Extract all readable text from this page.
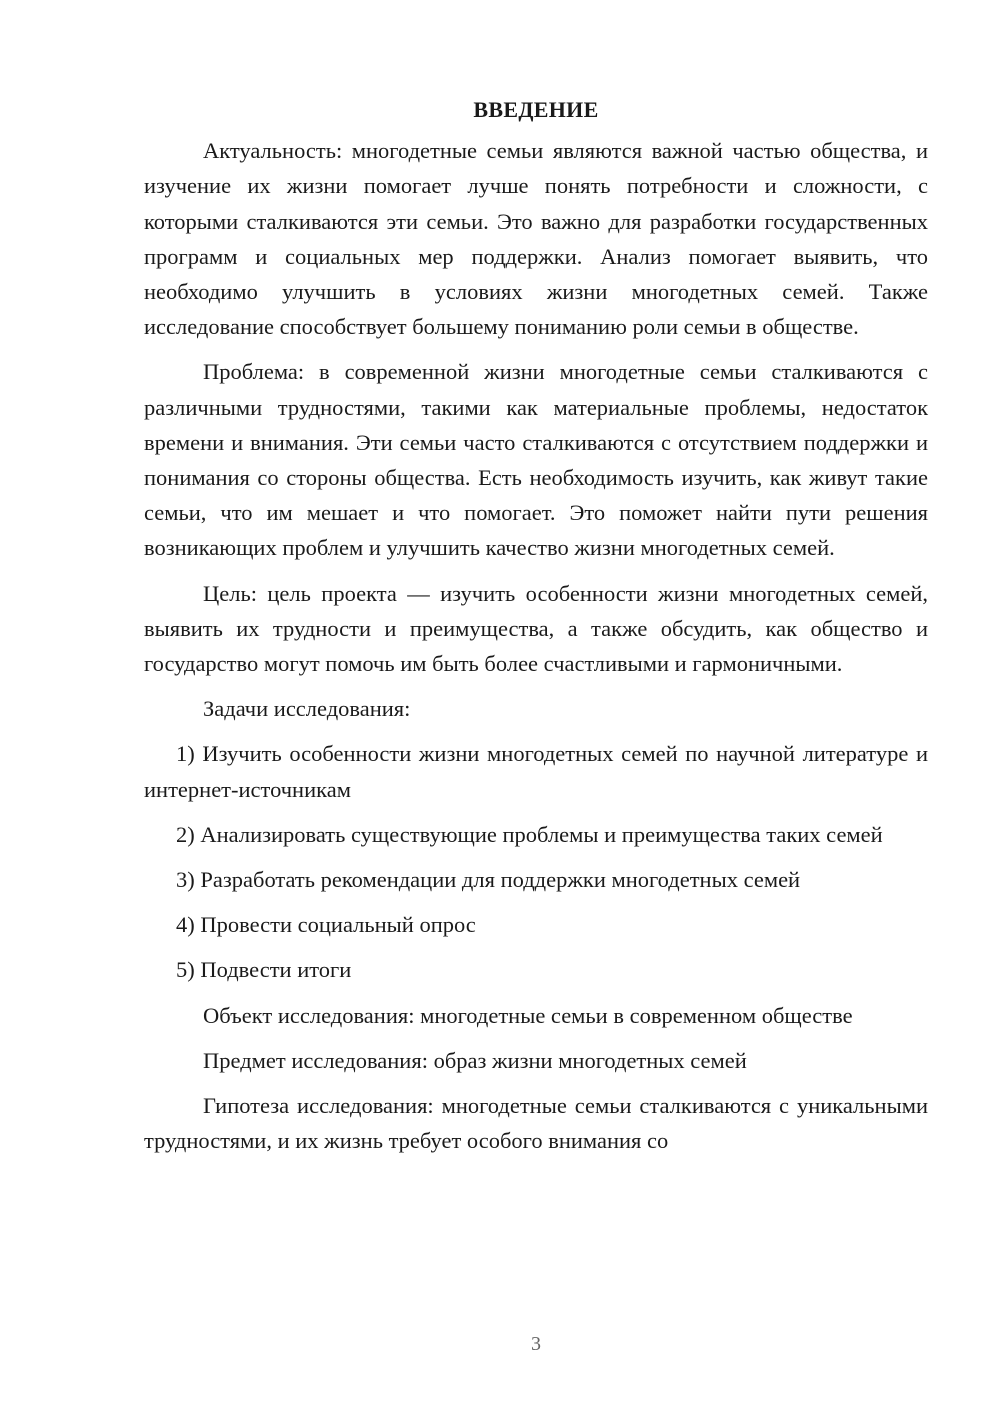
ВВЕДЕНИЕ

Актуальность: многодетные семьи являются важной частью общества, и изучение их жизни помогает лучше понять потребности и сложности, с которыми сталкиваются эти семьи. Это важно для разработки государственных программ и социальных мер поддержки. Анализ помогает выявить, что необходимо улучшить в условиях жизни многодетных семей. Также исследование способствует большему пониманию роли семьи в обществе.

Проблема: в современной жизни многодетные семьи сталкиваются с различными трудностями, такими как материальные проблемы, недостаток времени и внимания. Эти семьи часто сталкиваются с отсутствием поддержки и понимания со стороны общества. Есть необходимость изучить, как живут такие семьи, что им мешает и что помогает. Это поможет найти пути решения возникающих проблем и улучшить качество жизни многодетных семей.

Цель: цель проекта — изучить особенности жизни многодетных семей, выявить их трудности и преимущества, а также обсудить, как общество и государство могут помочь им быть более счастливыми и гармоничными.

Задачи исследования:

1) Изучить особенности жизни многодетных семей по научной литературе и интернет-источникам

2) Анализировать существующие проблемы и преимущества таких семей

3) Разработать рекомендации для поддержки многодетных семей

4) Провести социальный опрос

5) Подвести итоги

Объект исследования: многодетные семьи в современном обществе

Предмет исследования: образ жизни многодетных семей

Гипотеза исследования: многодетные семьи сталкиваются с уникальными трудностями, и их жизнь требует особого внимания со

3
